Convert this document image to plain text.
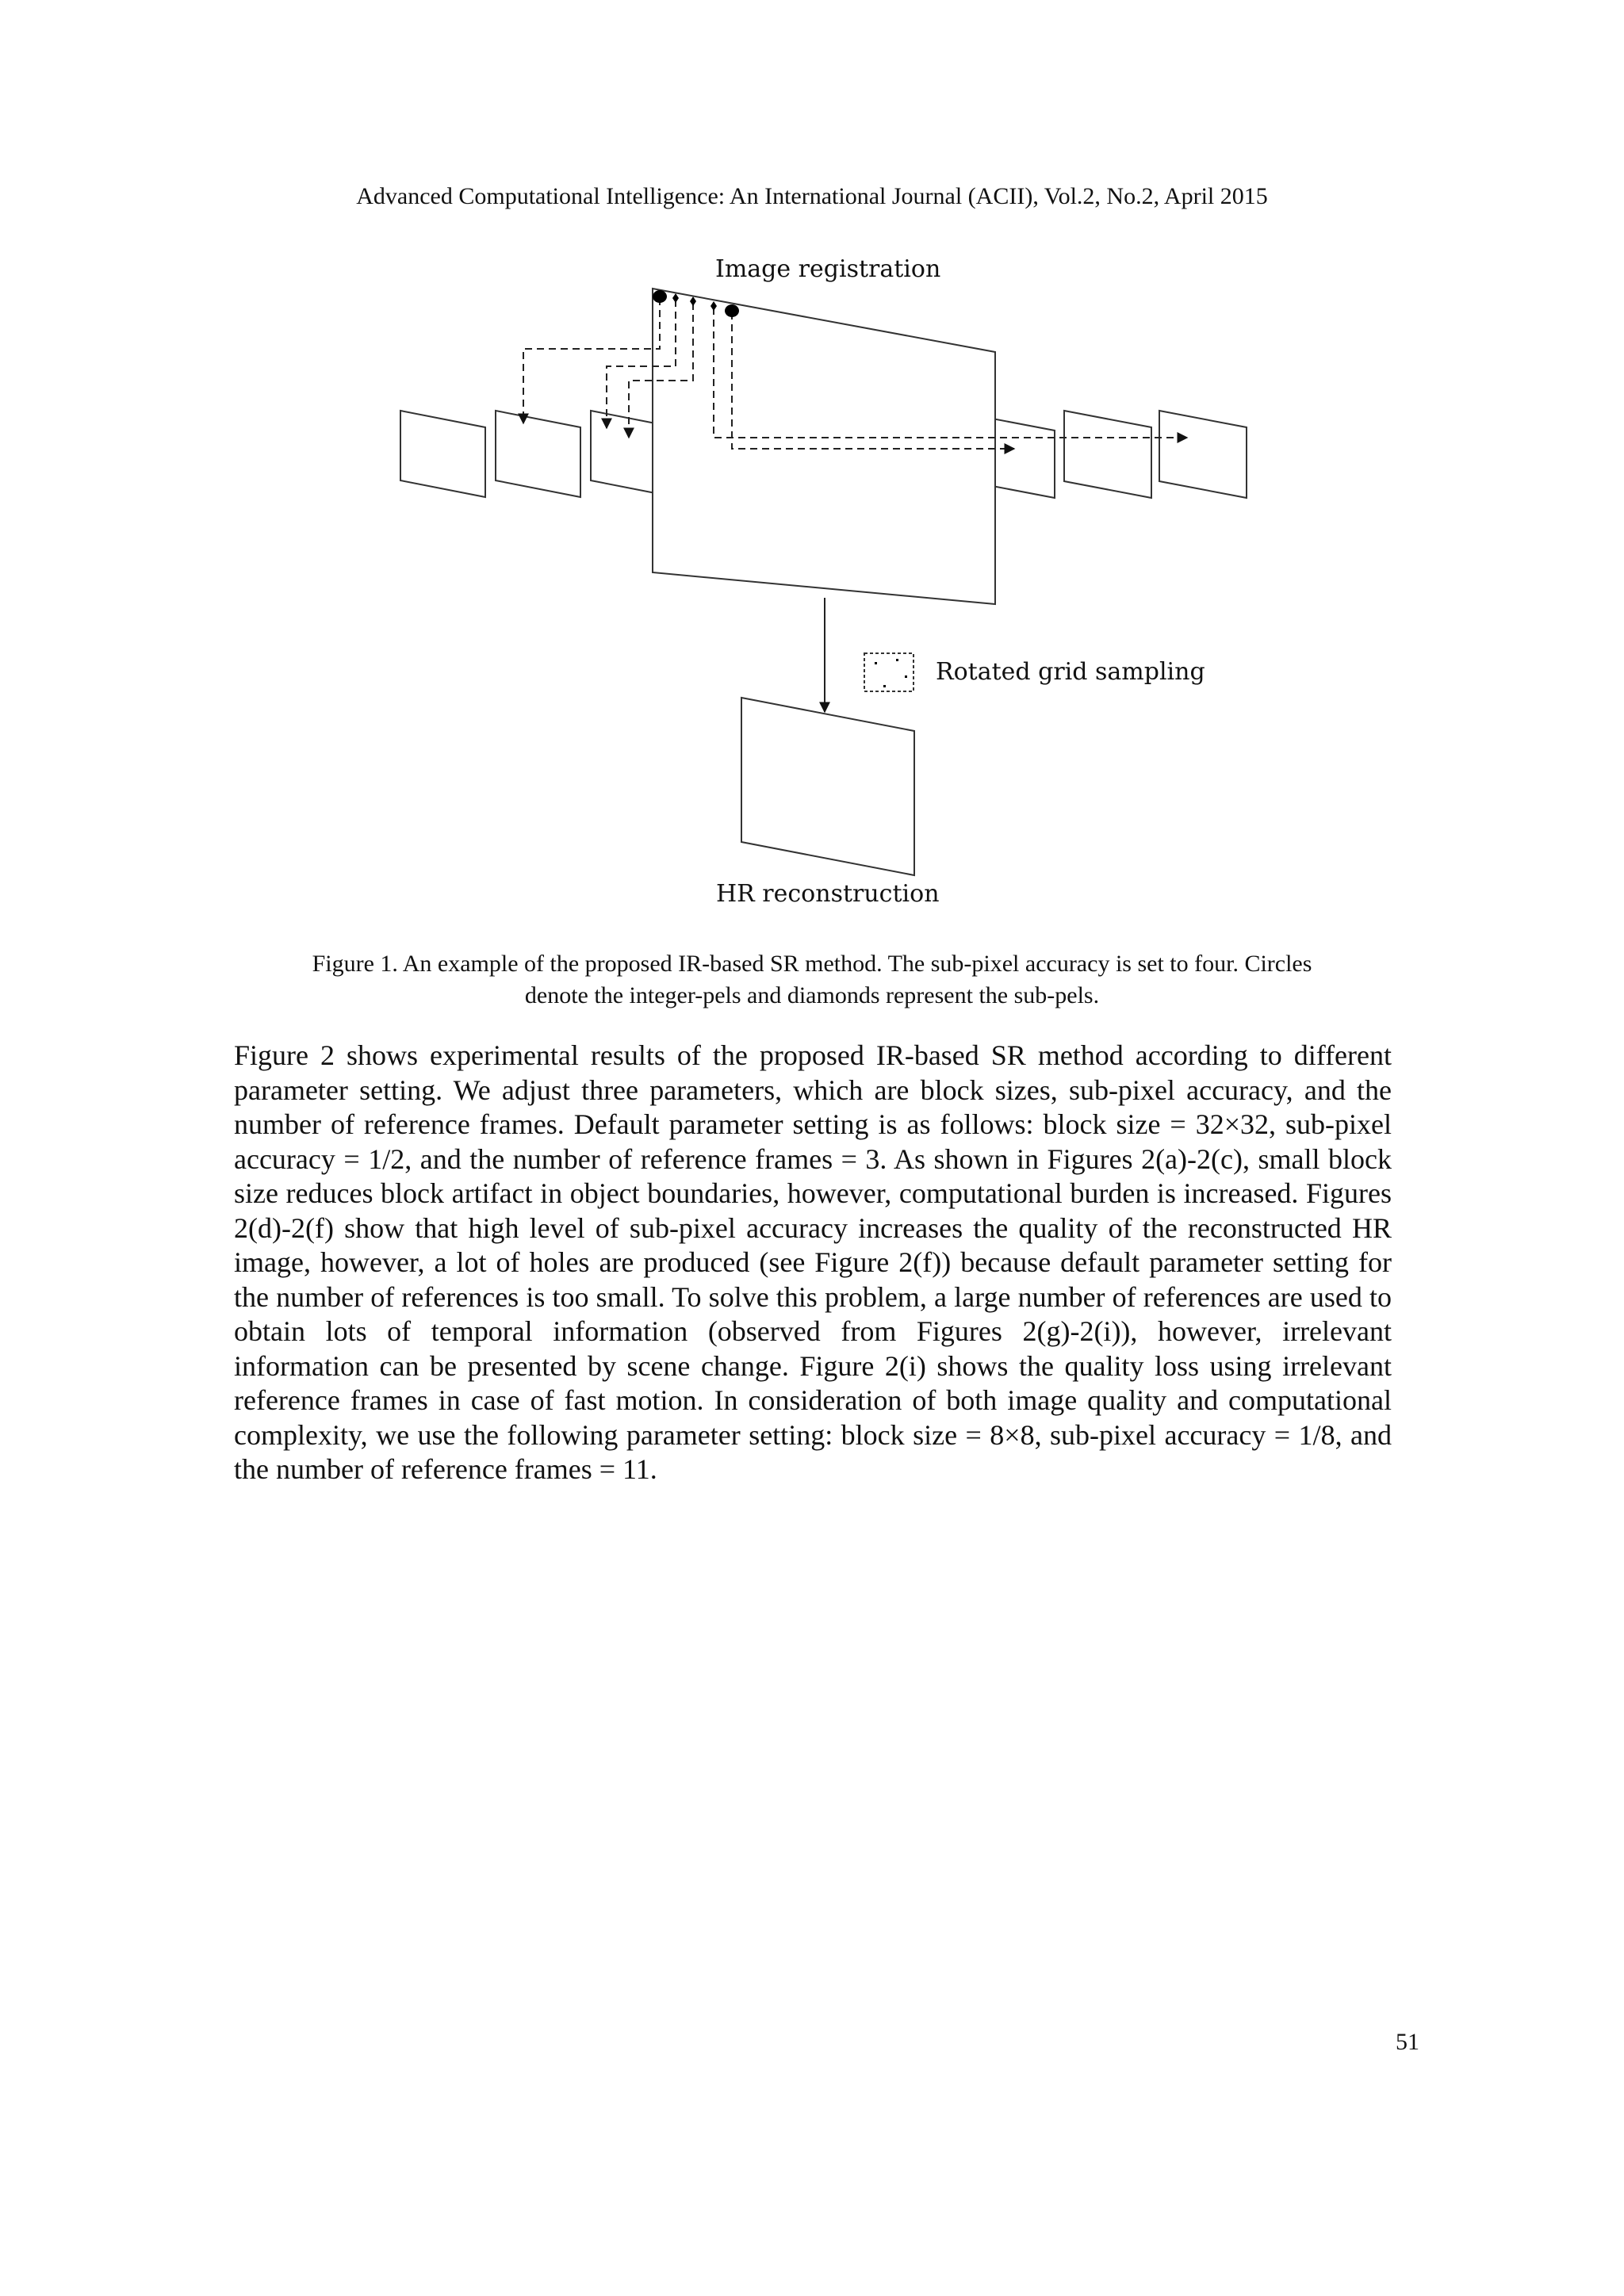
Advanced Computational Intelligence: An International Journal (ACII), Vol.2, No.2, April 2015
Image registration
Rotated grid sampling
HR reconstruction
Figure 1. An example of the proposed IR-based SR method. The sub-pixel accuracy is set to four. Circles
denote the integer-pels and diamonds represent the sub-pels.
Figure 2 shows experimental results of the proposed IR-based SR method according to different parameter setting. We adjust three parameters, which are block sizes, sub-pixel accuracy, and the number of reference frames. Default parameter setting is as follows: block size = 32×32, sub-pixel accuracy = 1/2, and the number of reference frames = 3. As shown in Figures 2(a)-2(c), small block size reduces block artifact in object boundaries, however, computational burden is increased. Figures 2(d)-2(f) show that high level of sub-pixel accuracy increases the quality of the reconstructed HR image, however, a lot of holes are produced (see Figure 2(f)) because default parameter setting for the number of references is too small. To solve this problem, a large number of references are used to obtain lots of temporal information (observed from Figures 2(g)-2(i)), however, irrelevant information can be presented by scene change. Figure 2(i) shows the quality loss using irrelevant reference frames in case of fast motion. In consideration of both image quality and computational complexity, we use the following parameter setting: block size = 8×8, sub-pixel accuracy = 1/8, and the number of reference frames = 11.
51
